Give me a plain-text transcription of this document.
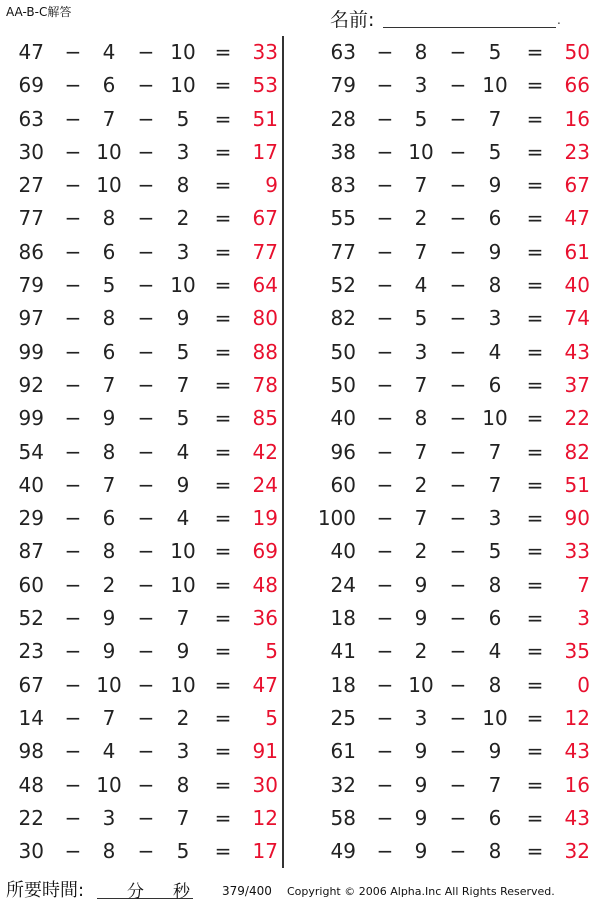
AA-B-C解答	名前:	.
47 −	4	− 10 =	33
69 −	6	− 10 =	53
63 −	7	−	5	=	51
30 − 10 −	3	=	17
27 − 10 −	8	=	9
77 −	8	−	2	=	67
86 −	6	−	3	=	77
79 −	5	− 10 =	64
97 −	8	−	9	=	80
99 −	6	−	5	=	88
92 −	7	−	7	=	78
99 −	9	−	5	=	85
54 −	8	−	4	=	42
40 −	7	−	9	=	24
29 −	6	−	4	=	19
87 −	8	− 10 =	69
60 −	2	− 10 =	48
52 −	9	−	7	=	36
23 −	9	−	9	=	5
67 − 10 − 10 =	47
14 −	7	−	2	=	5
98 −	4	−	3	=	91
48 − 10 −	8	=	30
22 −	3	−	7	=	12
30 −	8	−	5	=	17
63 −	8	−	5	=	50
79 −	3	− 10 =	66
28 −	5	−	7	=	16
38 − 10 −	5	=	23
83 −	7	−	9	=	67
55 −	2	−	6	=	47
77 −	7	−	9	=	61
52 −	4	−	8	=	40
82 −	5	−	3	=	74
50 −	3	−	4	=	43
50 −	7	−	6	=	37
40 −	8	− 10 =	22
96 −	7	−	7	=	82
60 −	2	−	7	=	51
100 −	7	−	3	=	90
40 −	2	−	5	=	33
24 −	9	−	8	=	7
18 −	9	−	6	=	3
41 −	2	−	4	=	35
18 − 10 −	8	=	0
25 −	3	− 10 =	12
61 −	9	−	9	=	43
32 −	9	−	7	=	16
58 −	9	−	6	=	43
49 −	9	−	8	=	32
所要時間:	分 秒	379/400 Copyright © 2006 Alpha.Inc All Rights Reserved.
